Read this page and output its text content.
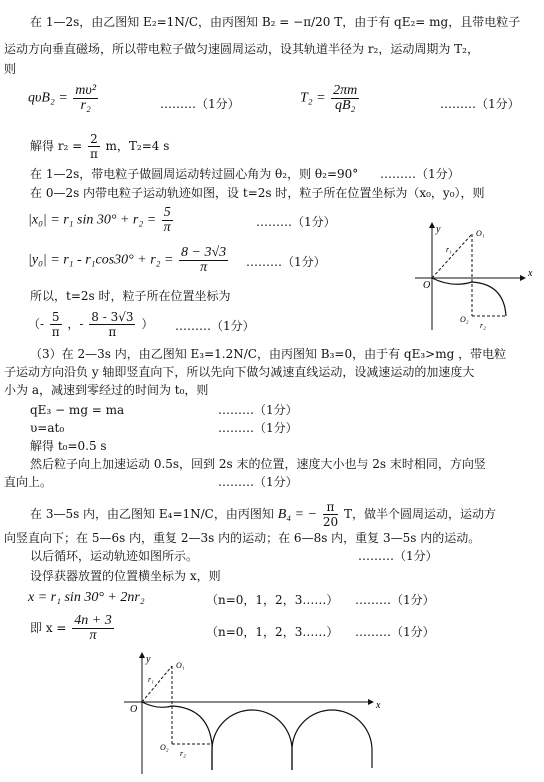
在 1—2s，由乙图知 E₂=1N/C，由丙图知 B₂ = −π/20 T，由于有 qE₂= mg，且带电粒子
运动方向垂直磁场，所以带电粒子做匀速圆周运动，设其轨道半径为 r₂，运动周期为 T₂，
则
$q\upsilon B_2 = \frac{\text{mυ²}}{\text{r₂}}$	………（1分）	$T_2 = \frac{2\pi m}{\text{qB₂}}$	………（1分）
解得 $r_2 = \frac{2}{\pi}$ m，T₂=4 s
在 1—2s，带电粒子做圆周运动转过圆心角为 θ₂，则 θ₂=90° ………（1分）
在 0—2s 内带电粒子运动轨迹如图，设 t=2s 时，粒子所在位置坐标为（x₀，y₀），则
|x₀| = r₁ $\sin 30^\circ + r_2 = \frac{5}{\pi}$	………（1分）
$|y_0| = r_1 - r_1\cos 30^\circ + r_2 = \frac{8 - 3√3}{\pi}$ ………（1分）
所以，t=2s 时，粒子所在位置坐标为
（- $\frac{5}{\pi}$ ，- $\frac{8 - 3√3}{\pi}$ ） ………（1分）
y
x
O
O₁
O₂
r₁
r₂
（3）在 2—3s 内，由乙图知 E₃=1.2N/C，由丙图知 B₃=0，由于有 qE₃>mg ，带电粒
子运动方向沿负 y 轴即竖直向下，所以先向下做匀减速直线运动，设减速运动的加速度大
小为 a，减速到零经过的时间为 t₀，则
qE₃ − mg = ma	………（1分）
υ=at₀	………（1分）
解得 t₀=0.5 s
然后粒子向上加速运动 0.5s，回到 2s 末的位置，速度大小也与 2s 末时相同，方向竖
直向上。	………（1分）
在 3—5s 内，由乙图知 E₄=1N/C，由丙图知 B₄ = − $\frac{\pi}{20}$ T，做半个圆周运动，运动方
向竖直向下；在 5—6s 内，重复 2—3s 内的运动；在 6—8s 内，重复 3—5s 内的运动。
以后循环，运动轨迹如图所示。	………（1分）
设俘获器放置的位置横坐标为 x，则
x = r₁ sin 30° + 2nr₂	（n=0，1，2，3……） ………（1分）
即 $x = \frac{4n + 3}{\pi}$	（n=0，1，2，3……） ………（1分）
y
x
O
O₁
O₂
r₁
r₂
